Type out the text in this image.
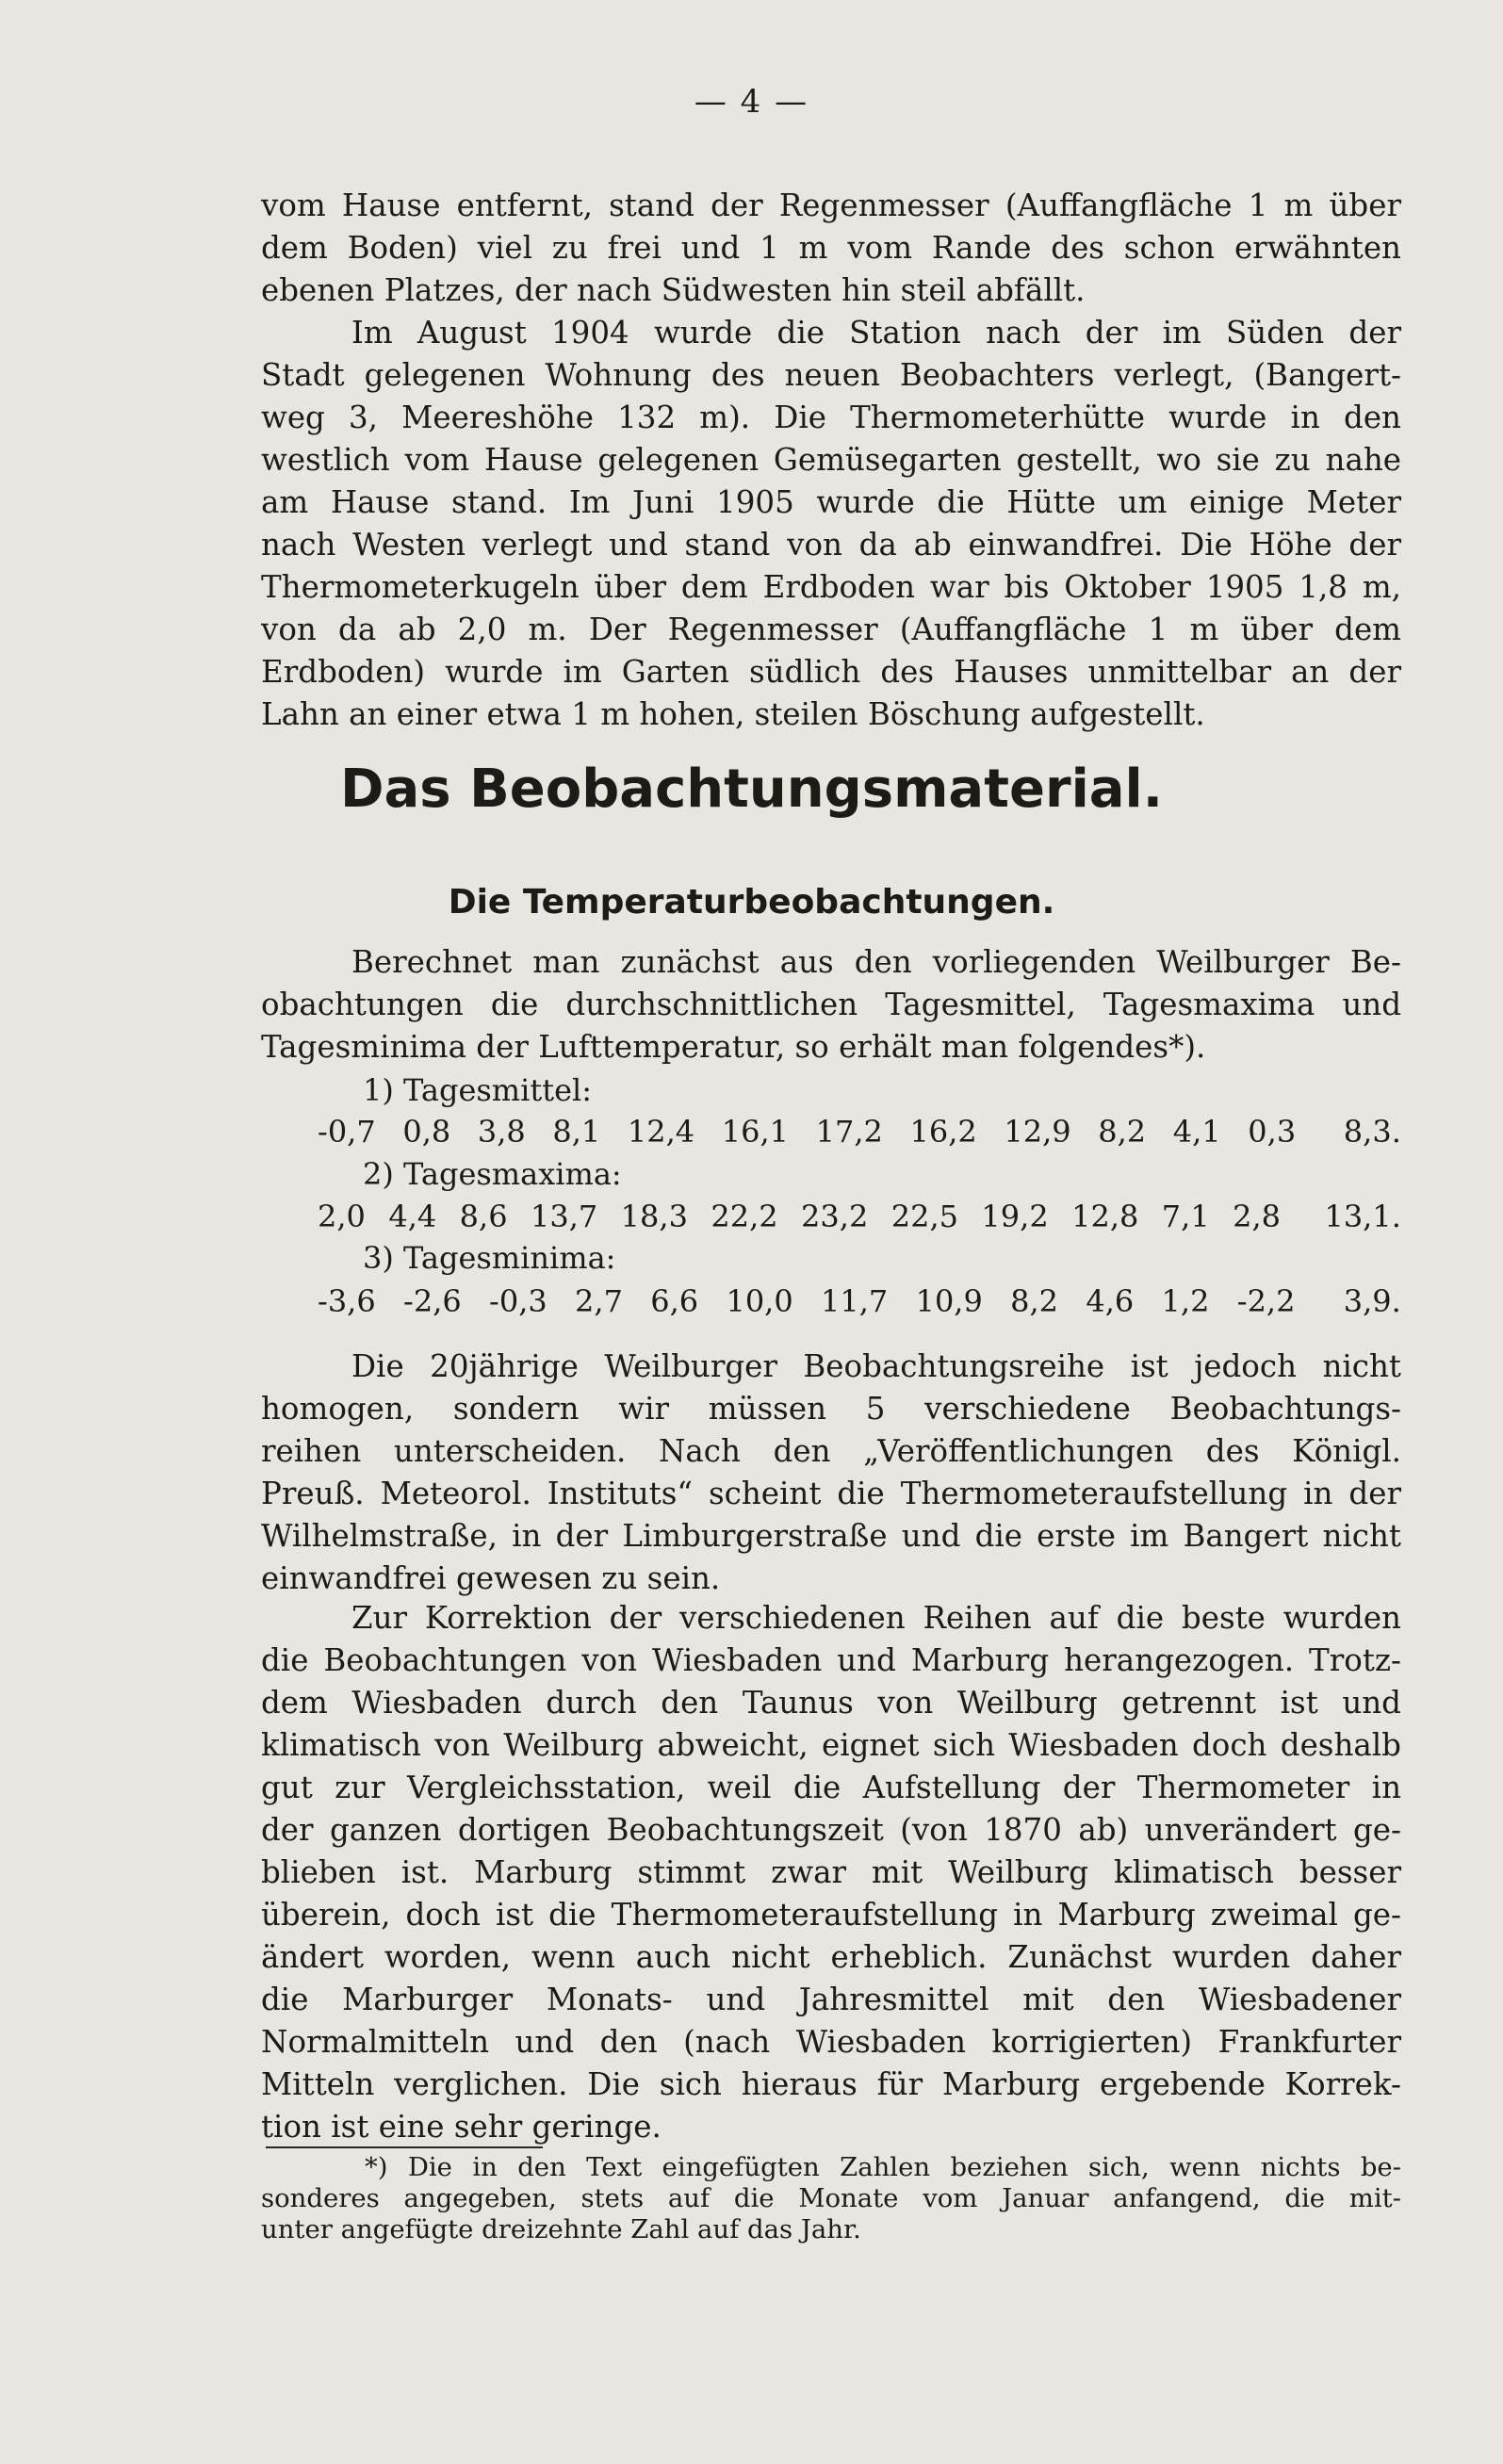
— 4 —

vom Hause entfernt, stand der Regenmesser (Auffangfläche 1 m über

dem Boden) viel zu frei und 1 m vom Rande des schon erwähnten

ebenen Platzes, der nach Südwesten hin steil abfällt.

Im August 1904 wurde die Station nach der im Süden der

Stadt gelegenen Wohnung des neuen Beobachters verlegt, (Bangert-

weg 3, Meereshöhe 132 m). Die Thermometerhütte wurde in den

westlich vom Hause gelegenen Gemüsegarten gestellt, wo sie zu nahe

am Hause stand. Im Juni 1905 wurde die Hütte um einige Meter

nach Westen verlegt und stand von da ab einwandfrei. Die Höhe der

Thermometerkugeln über dem Erdboden war bis Oktober 1905 1,8 m,

von da ab 2,0 m. Der Regenmesser (Auffangfläche 1 m über dem

Erdboden) wurde im Garten südlich des Hauses unmittelbar an der

Lahn an einer etwa 1 m hohen, steilen Böschung aufgestellt.

Das Beobachtungsmaterial.
Die Temperaturbeobachtungen.

Berechnet man zunächst aus den vorliegenden Weilburger Be-

obachtungen die durchschnittlichen Tagesmittel, Tagesmaxima und

Tagesminima der Lufttemperatur, so erhält man folgendes*).

1) Tagesmittel:
-0,7 0,8 3,8 8,1 12,4 16,1 17,2 16,2 12,9 8,2 4,1 0,3 8,3.
2) Tagesmaxima:
2,0 4,4 8,6 13,7 18,3 22,2 23,2 22,5 19,2 12,8 7,1 2,8 13,1.
3) Tagesminima:
-3,6 -2,6 -0,3 2,7 6,6 10,0 11,7 10,9 8,2 4,6 1,2 -2,2 3,9.

Die 20jährige Weilburger Beobachtungsreihe ist jedoch nicht

homogen, sondern wir müssen 5 verschiedene Beobachtungs-

reihen unterscheiden. Nach den „Veröffentlichungen des Königl.

Preuß. Meteorol. Instituts“ scheint die Thermometeraufstellung in der

Wilhelmstraße, in der Limburgerstraße und die erste im Bangert nicht

einwandfrei gewesen zu sein.

Zur Korrektion der verschiedenen Reihen auf die beste wurden

die Beobachtungen von Wiesbaden und Marburg herangezogen. Trotz-

dem Wiesbaden durch den Taunus von Weilburg getrennt ist und

klimatisch von Weilburg abweicht, eignet sich Wiesbaden doch deshalb

gut zur Vergleichsstation, weil die Aufstellung der Thermometer in

der ganzen dortigen Beobachtungszeit (von 1870 ab) unverändert ge-

blieben ist. Marburg stimmt zwar mit Weilburg klimatisch besser

überein, doch ist die Thermometeraufstellung in Marburg zweimal ge-

ändert worden, wenn auch nicht erheblich. Zunächst wurden daher

die Marburger Monats- und Jahresmittel mit den Wiesbadener

Normalmitteln und den (nach Wiesbaden korrigierten) Frankfurter

Mitteln verglichen. Die sich hieraus für Marburg ergebende Korrek-

tion ist eine sehr geringe.

*) Die in den Text eingefügten Zahlen beziehen sich, wenn nichts be-

sonderes angegeben, stets auf die Monate vom Januar anfangend, die mit-

unter angefügte dreizehnte Zahl auf das Jahr.
